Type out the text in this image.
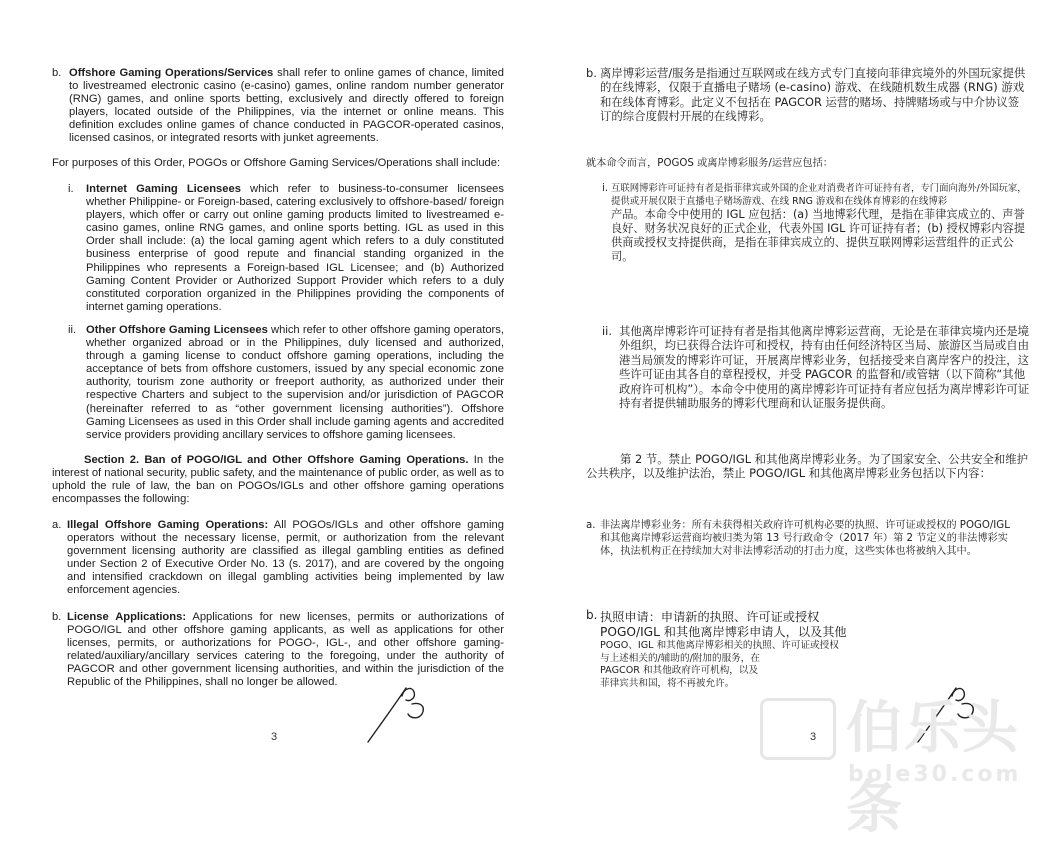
b. Offshore Gaming Operations/Services shall refer to online games of chance, limited to livestreamed electronic casino (e-casino) games, online random number generator (RNG) games, and online sports betting, exclusively and directly offered to foreign players, located outside of the Philippines, via the internet or online means. This definition excludes online games of chance conducted in PAGCOR-operated casinos, licensed casinos, or integrated resorts with junket agreements.

For purposes of this Order, POGOs or Offshore Gaming Services/Operations shall include:

i.	Internet Gaming Licensees which refer to business-to-consumer licensees whether Philippine- or Foreign-based, catering exclusively to offshore-based/ foreign players, which offer or carry out online gaming products limited to livestreamed e-casino games, online RNG games, and online sports betting. IGL as used in this Order shall include: (a) the local gaming agent which refers to a duly constituted business enterprise of good repute and financial standing organized in the Philippines who represents a Foreign-based IGL Licensee; and (b) Authorized Gaming Content Provider or Authorized Support Provider which refers to a duly constituted corporation organized in the Philippines providing the components of internet gaming operations.
ii. Other Offshore Gaming Licensees which refer to other offshore gaming operators, whether organized abroad or in the Philippines, duly licensed and authorized, through a gaming license to conduct offshore gaming operations, including the acceptance of bets from offshore customers, issued by any special economic zone authority, tourism zone authority or freeport authority, as authorized under their respective Charters and subject to the supervision and/or jurisdiction of PAGCOR (hereinafter referred to as “other government licensing authorities”). Offshore Gaming Licensees as used in this Order shall include gaming agents and accredited service providers providing ancillary services to offshore gaming licensees.

Section 2. Ban of POGO/IGL and Other Offshore Gaming Operations. In the interest of national security, public safety, and the maintenance of public order, as well as to uphold the rule of law, the ban on POGOs/IGLs and other offshore gaming operations encompasses the following:

a. Illegal Offshore Gaming Operations: All POGOs/IGLs and other offshore gaming operators without the necessary license, permit, or authorization from the relevant government licensing authority are classified as illegal gambling entities as defined under Section 2 of Executive Order No. 13 (s. 2017), and are covered by the ongoing and intensified crackdown on illegal gambling activities being implemented by law enforcement agencies.
b. License Applications: Applications for new licenses, permits or authorizations of POGO/IGL and other offshore gaming applicants, as well as applications for other licenses, permits, or authorizations for POGO-, IGL-, and other offshore gaming-related/auxiliary/ancillary services catering to the foregoing, under the authority of PAGCOR and other government licensing authorities, and within the jurisdiction of the Republic of the Philippines, shall no longer be allowed.
3
b. 离岸博彩运营/服务是指通过互联网或在线方式专门直接向菲律宾境外的外国玩家提供的在线博彩，仅限于直播电子赌场 (e-casino) 游戏、在线随机数生成器 (RNG) 游戏和在线体育博彩。此定义不包括在 PAGCOR 运营的赌场、持牌赌场或与中介协议签订的综合度假村开展的在线博彩。

就本命令而言，POGOS 或离岸博彩服务/运营应包括：

i. 互联网博彩许可证持有者是指菲律宾或外国的企业对消费者许可证持有者，专门面向海外/外国玩家，提供或开展仅限于直播电子赌场游戏、在线 RNG 游戏和在线体育博彩的在线博彩
产品。本命令中使用的 IGL 应包括：(a) 当地博彩代理，是指在菲律宾成立的、声誉良好、财务状况良好的正式企业，代表外国 IGL 许可证持有者；(b) 授权博彩内容提供商或授权支持提供商，是指在菲律宾成立的、提供互联网博彩运营组件的正式公司。
ii. 其他离岸博彩许可证持有者是指其他离岸博彩运营商，无论是在菲律宾境内还是境外组织，均已获得合法许可和授权，持有由任何经济特区当局、旅游区当局或自由港当局颁发的博彩许可证，开展离岸博彩业务，包括接受来自离岸客户的投注，这些许可证由其各自的章程授权，并受 PAGCOR 的监督和/或管辖（以下简称“其他政府许可机构”）。本命令中使用的离岸博彩许可证持有者应包括为离岸博彩许可证持有者提供辅助服务的博彩代理商和认证服务提供商。

第 2 节。禁止 POGO/IGL 和其他离岸博彩业务。为了国家安全、公共安全和维护公共秩序，以及维护法治，禁止 POGO/IGL 和其他离岸博彩业务包括以下内容：

a. 非法离岸博彩业务：所有未获得相关政府许可机构必要的执照、许可证或授权的 POGO/IGL 和其他离岸博彩运营商均被归类为第 13 号行政命令（2017 年）第 2 节定义的非法博彩实体，执法机构正在持续加大对非法博彩活动的打击力度，这些实体也将被纳入其中。
b. 执照申请：申请新的执照、许可证或授权
POGO/IGL 和其他离岸博彩申请人，以及其他
POGO、IGL 和其他离岸博彩相关的执照、许可证或授权
与上述相关的/辅助的/附加的服务，在
PAGCOR 和其他政府许可机构，以及
菲律宾共和国，将不再被允许。
3 伯乐头条
bole30.com
